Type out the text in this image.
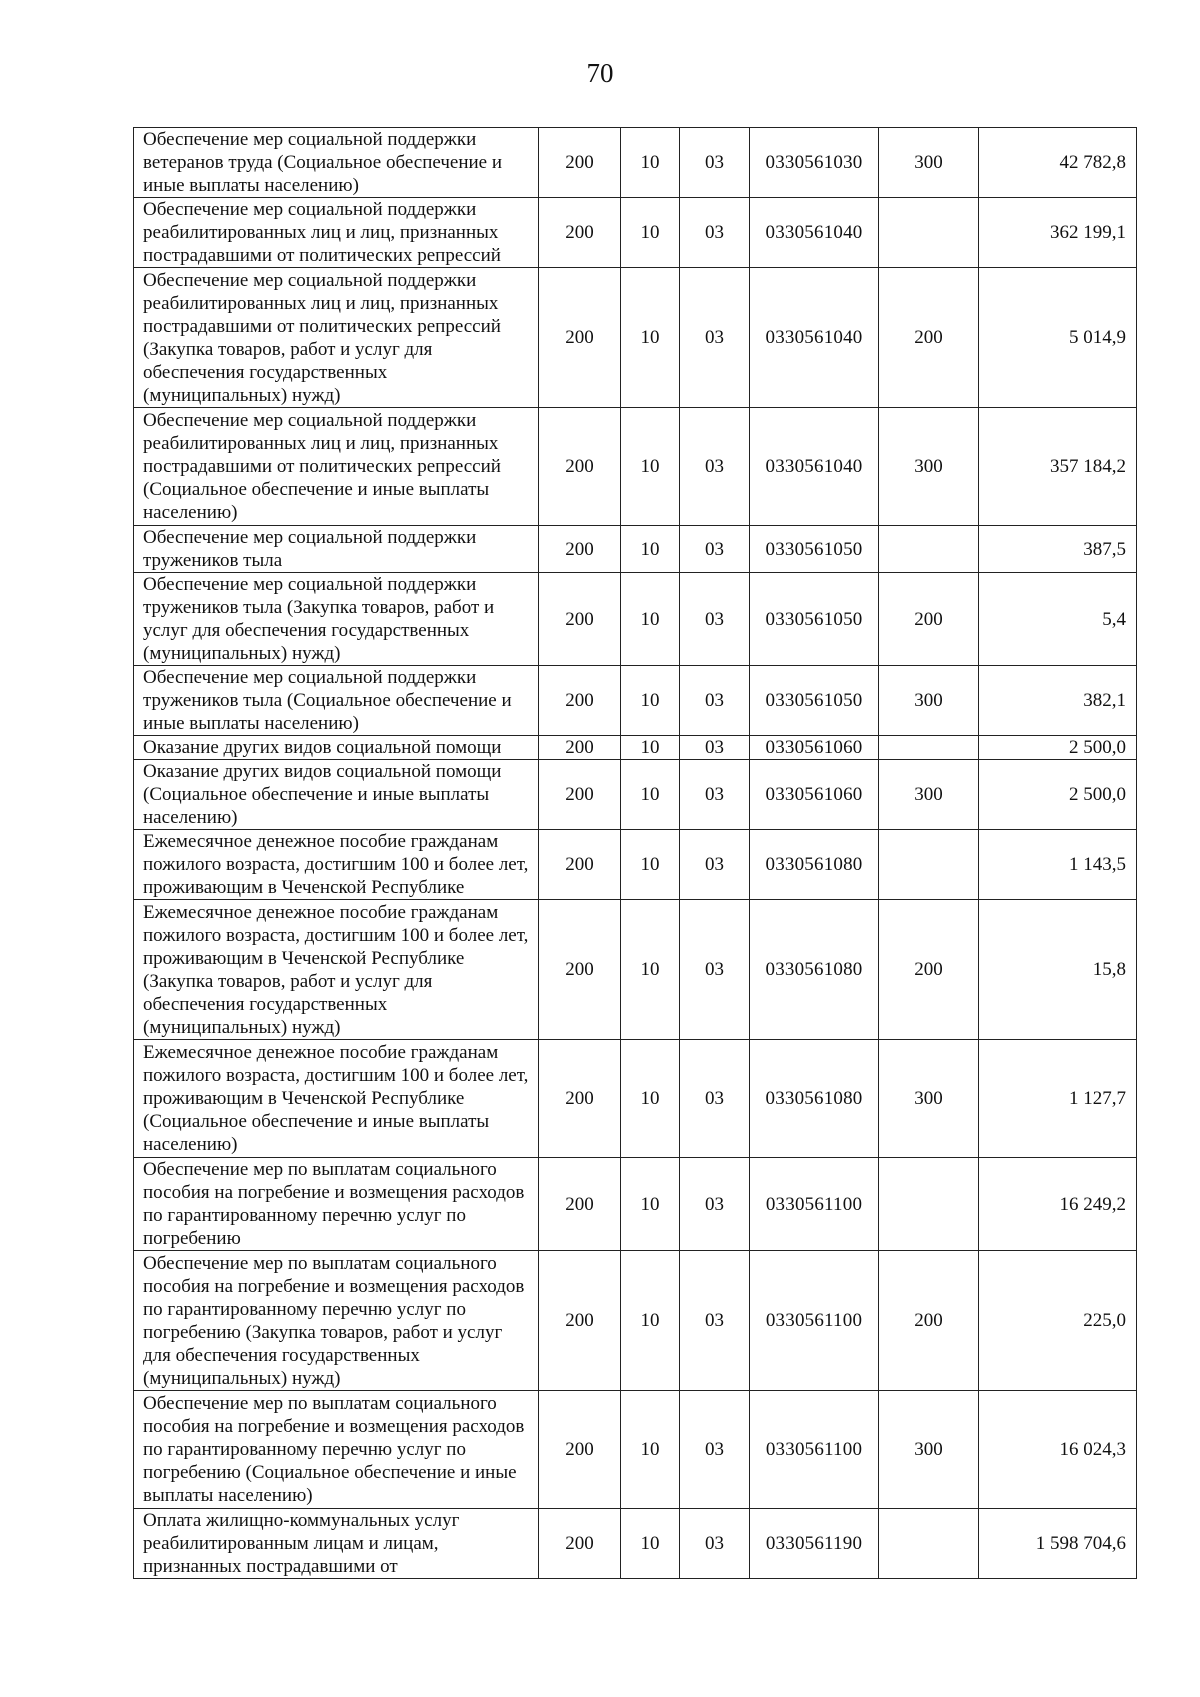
70
Обеспечение мер социальной поддержки ветеранов труда (Социальное обеспечение и иные выплаты населению)	200	10	03	0330561030	300	42 782,8
Обеспечение мер социальной поддержки реабилитированных лиц и лиц, признанных пострадавшими от политических репрессий	200	10	03	0330561040		362 199,1
Обеспечение мер социальной поддержки реабилитированных лиц и лиц, признанных пострадавшими от политических репрессий (Закупка товаров, работ и услуг для обеспечения государственных (муниципальных) нужд)	200	10	03	0330561040	200	5 014,9
Обеспечение мер социальной поддержки реабилитированных лиц и лиц, признанных пострадавшими от политических репрессий (Социальное обеспечение и иные выплаты населению)	200	10	03	0330561040	300	357 184,2
Обеспечение мер социальной поддержки тружеников тыла	200	10	03	0330561050		387,5
Обеспечение мер социальной поддержки тружеников тыла (Закупка товаров, работ и услуг для обеспечения государственных (муниципальных) нужд)	200	10	03	0330561050	200	5,4
Обеспечение мер социальной поддержки тружеников тыла (Социальное обеспечение и иные выплаты населению)	200	10	03	0330561050	300	382,1
Оказание других видов социальной помощи	200	10	03	0330561060		2 500,0
Оказание других видов социальной помощи (Социальное обеспечение и иные выплаты населению)	200	10	03	0330561060	300	2 500,0
Ежемесячное денежное пособие гражданам пожилого возраста, достигшим 100 и более лет, проживающим в Чеченской Республике	200	10	03	0330561080		1 143,5
Ежемесячное денежное пособие гражданам пожилого возраста, достигшим 100 и более лет, проживающим в Чеченской Республике (Закупка товаров, работ и услуг для обеспечения государственных (муниципальных) нужд)	200	10	03	0330561080	200	15,8
Ежемесячное денежное пособие гражданам пожилого возраста, достигшим 100 и более лет, проживающим в Чеченской Республике (Социальное обеспечение и иные выплаты населению)	200	10	03	0330561080	300	1 127,7
Обеспечение мер по выплатам социального пособия на погребение и возмещения расходов по гарантированному перечню услуг по погребению	200	10	03	0330561100		16 249,2
Обеспечение мер по выплатам социального пособия на погребение и возмещения расходов по гарантированному перечню услуг по погребению (Закупка товаров, работ и услуг для обеспечения государственных (муниципальных) нужд)	200	10	03	0330561100	200	225,0
Обеспечение мер по выплатам социального пособия на погребение и возмещения расходов по гарантированному перечню услуг по погребению (Социальное обеспечение и иные выплаты населению)	200	10	03	0330561100	300	16 024,3
Оплата жилищно-коммунальных услуг реабилитированным лицам и лицам, признанных пострадавшими от	200	10	03	0330561190		1 598 704,6
